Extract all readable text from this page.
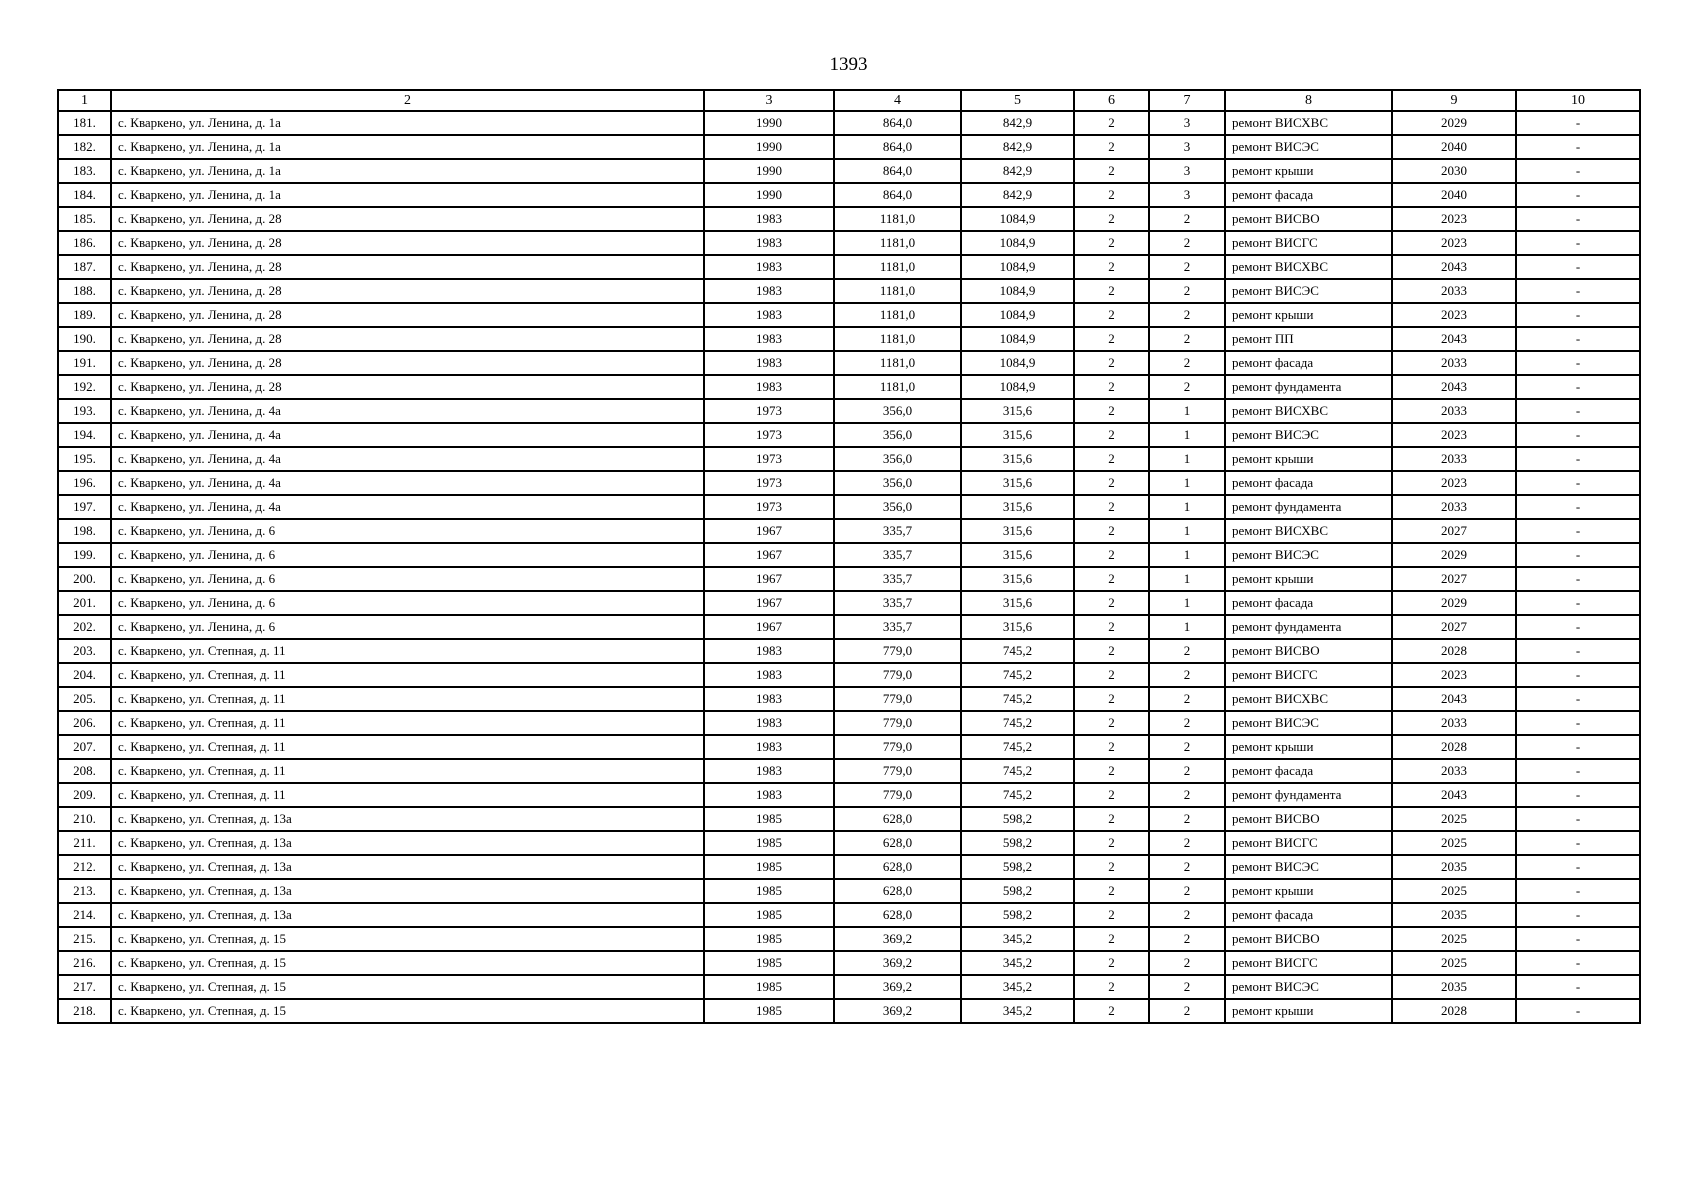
1393
1	2	3	4	5	6	7	8	9	10
181.	с. Кваркено, ул. Ленина, д. 1а	1990	864,0	842,9	2	3	ремонт ВИСХВС	2029	-
182.	с. Кваркено, ул. Ленина, д. 1а	1990	864,0	842,9	2	3	ремонт ВИСЭС	2040	-
183.	с. Кваркено, ул. Ленина, д. 1а	1990	864,0	842,9	2	3	ремонт крыши	2030	-
184.	с. Кваркено, ул. Ленина, д. 1а	1990	864,0	842,9	2	3	ремонт фасада	2040	-
185.	с. Кваркено, ул. Ленина, д. 28	1983	1181,0	1084,9	2	2	ремонт ВИСВО	2023	-
186.	с. Кваркено, ул. Ленина, д. 28	1983	1181,0	1084,9	2	2	ремонт ВИСГС	2023	-
187.	с. Кваркено, ул. Ленина, д. 28	1983	1181,0	1084,9	2	2	ремонт ВИСХВС	2043	-
188.	с. Кваркено, ул. Ленина, д. 28	1983	1181,0	1084,9	2	2	ремонт ВИСЭС	2033	-
189.	с. Кваркено, ул. Ленина, д. 28	1983	1181,0	1084,9	2	2	ремонт крыши	2023	-
190.	с. Кваркено, ул. Ленина, д. 28	1983	1181,0	1084,9	2	2	ремонт ПП	2043	-
191.	с. Кваркено, ул. Ленина, д. 28	1983	1181,0	1084,9	2	2	ремонт фасада	2033	-
192.	с. Кваркено, ул. Ленина, д. 28	1983	1181,0	1084,9	2	2	ремонт фундамента	2043	-
193.	с. Кваркено, ул. Ленина, д. 4а	1973	356,0	315,6	2	1	ремонт ВИСХВС	2033	-
194.	с. Кваркено, ул. Ленина, д. 4а	1973	356,0	315,6	2	1	ремонт ВИСЭС	2023	-
195.	с. Кваркено, ул. Ленина, д. 4а	1973	356,0	315,6	2	1	ремонт крыши	2033	-
196.	с. Кваркено, ул. Ленина, д. 4а	1973	356,0	315,6	2	1	ремонт фасада	2023	-
197.	с. Кваркено, ул. Ленина, д. 4а	1973	356,0	315,6	2	1	ремонт фундамента	2033	-
198.	с. Кваркено, ул. Ленина, д. 6	1967	335,7	315,6	2	1	ремонт ВИСХВС	2027	-
199.	с. Кваркено, ул. Ленина, д. 6	1967	335,7	315,6	2	1	ремонт ВИСЭС	2029	-
200.	с. Кваркено, ул. Ленина, д. 6	1967	335,7	315,6	2	1	ремонт крыши	2027	-
201.	с. Кваркено, ул. Ленина, д. 6	1967	335,7	315,6	2	1	ремонт фасада	2029	-
202.	с. Кваркено, ул. Ленина, д. 6	1967	335,7	315,6	2	1	ремонт фундамента	2027	-
203.	с. Кваркено, ул. Степная, д. 11	1983	779,0	745,2	2	2	ремонт ВИСВО	2028	-
204.	с. Кваркено, ул. Степная, д. 11	1983	779,0	745,2	2	2	ремонт ВИСГС	2023	-
205.	с. Кваркено, ул. Степная, д. 11	1983	779,0	745,2	2	2	ремонт ВИСХВС	2043	-
206.	с. Кваркено, ул. Степная, д. 11	1983	779,0	745,2	2	2	ремонт ВИСЭС	2033	-
207.	с. Кваркено, ул. Степная, д. 11	1983	779,0	745,2	2	2	ремонт крыши	2028	-
208.	с. Кваркено, ул. Степная, д. 11	1983	779,0	745,2	2	2	ремонт фасада	2033	-
209.	с. Кваркено, ул. Степная, д. 11	1983	779,0	745,2	2	2	ремонт фундамента	2043	-
210.	с. Кваркено, ул. Степная, д. 13а	1985	628,0	598,2	2	2	ремонт ВИСВО	2025	-
211.	с. Кваркено, ул. Степная, д. 13а	1985	628,0	598,2	2	2	ремонт ВИСГС	2025	-
212.	с. Кваркено, ул. Степная, д. 13а	1985	628,0	598,2	2	2	ремонт ВИСЭС	2035	-
213.	с. Кваркено, ул. Степная, д. 13а	1985	628,0	598,2	2	2	ремонт крыши	2025	-
214.	с. Кваркено, ул. Степная, д. 13а	1985	628,0	598,2	2	2	ремонт фасада	2035	-
215.	с. Кваркено, ул. Степная, д. 15	1985	369,2	345,2	2	2	ремонт ВИСВО	2025	-
216.	с. Кваркено, ул. Степная, д. 15	1985	369,2	345,2	2	2	ремонт ВИСГС	2025	-
217.	с. Кваркено, ул. Степная, д. 15	1985	369,2	345,2	2	2	ремонт ВИСЭС	2035	-
218.	с. Кваркено, ул. Степная, д. 15	1985	369,2	345,2	2	2	ремонт крыши	2028	-
